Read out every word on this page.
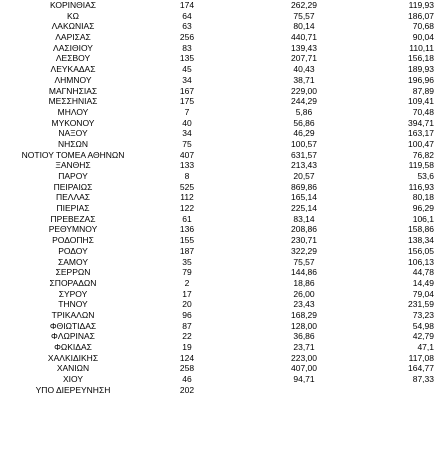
ΚΟΡΙΝΘΙΑΣ	174	262,29	119,93
ΚΩ	64	75,57	186,07
ΛΑΚΩΝΙΑΣ	63	80,14	70,68
ΛΑΡΙΣΑΣ	256	440,71	90,04
ΛΑΣΙΘΙΟΥ	83	139,43	110,11
ΛΕΣΒΟΥ	135	207,71	156,18
ΛΕΥΚΑΔΑΣ	45	40,43	189,93
ΛΗΜΝΟΥ	34	38,71	196,96
ΜΑΓΝΗΣΙΑΣ	167	229,00	87,89
ΜΕΣΣΗΝΙΑΣ	175	244,29	109,41
ΜΗΛΟΥ	7	5,86	70,48
ΜΥΚΟΝΟΥ	40	56,86	394,71
ΝΑΞΟΥ	34	46,29	163,17
ΝΗΣΩΝ	75	100,57	100,47
ΝΟΤΙΟΥ ΤΟΜΕΑ ΑΘΗΝΩΝ	407	631,57	76,82
ΞΑΝΘΗΣ	133	213,43	119,58
ΠΑΡΟΥ	8	20,57	53,6
ΠΕΙΡΑΙΩΣ	525	869,86	116,93
ΠΕΛΛΑΣ	112	165,14	80,18
ΠΙΕΡΙΑΣ	122	225,14	96,29
ΠΡΕΒΕΖΑΣ	61	83,14	106,1
ΡΕΘΥΜΝΟΥ	136	208,86	158,86
ΡΟΔΟΠΗΣ	155	230,71	138,34
ΡΟΔΟΥ	187	322,29	156,05
ΣΑΜΟΥ	35	75,57	106,13
ΣΕΡΡΩΝ	79	144,86	44,78
ΣΠΟΡΑΔΩΝ	2	18,86	14,49
ΣΥΡΟΥ	17	26,00	79,04
ΤΗΝΟΥ	20	23,43	231,59
ΤΡΙΚΑΛΩΝ	96	168,29	73,23
ΦΘΙΩΤΙΔΑΣ	87	128,00	54,98
ΦΛΩΡΙΝΑΣ	22	36,86	42,79
ΦΩΚΙΔΑΣ	19	23,71	47,1
ΧΑΛΚΙΔΙΚΗΣ	124	223,00	117,08
ΧΑΝΙΩΝ	258	407,00	164,77
ΧΙΟΥ	46	94,71	87,33
ΥΠΟ ΔΙΕΡΕΥΝΗΣΗ	202
